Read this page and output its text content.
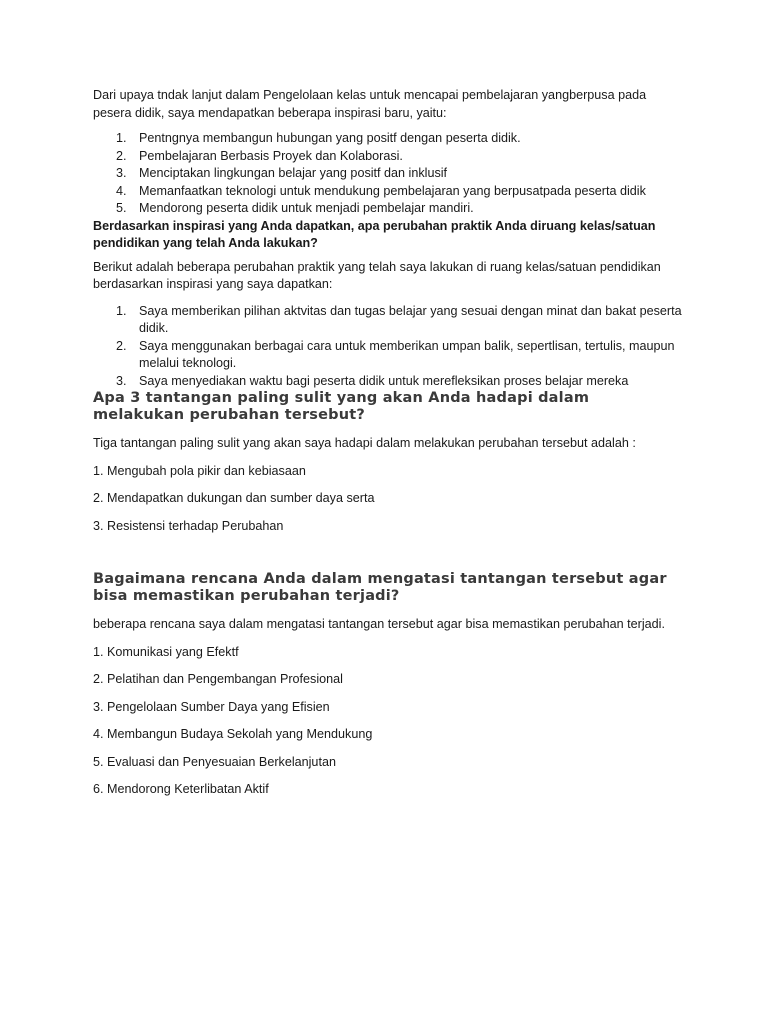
Dari upaya tndak lanjut dalam Pengelolaan kelas untuk mencapai pembelajaran yangberpusa pada pesera didik, saya mendapatkan beberapa inspirasi baru, yaitu:

1. Pentngnya membangun hubungan yang positf dengan peserta didik.
2. Pembelajaran Berbasis Proyek dan Kolaborasi.
3. Menciptakan lingkungan belajar yang positf dan inklusif
4. Memanfaatkan teknologi untuk mendukung pembelajaran yang berpusatpada peserta didik
5. Mendorong peserta didik untuk menjadi pembelajar mandiri.

Berdasarkan inspirasi yang Anda dapatkan, apa perubahan praktik Anda diruang kelas/satuan pendidikan yang telah Anda lakukan?

Berikut adalah beberapa perubahan praktik yang telah saya lakukan di ruang kelas/satuan pendidikan berdasarkan inspirasi yang saya dapatkan:

1. Saya memberikan pilihan aktvitas dan tugas belajar yang sesuai dengan minat dan bakat peserta didik.
2. Saya menggunakan berbagai cara untuk memberikan umpan balik, sepertlisan, tertulis, maupun melalui teknologi.
3. Saya menyediakan waktu bagi peserta didik untuk merefleksikan proses belajar mereka
Apa 3 tantangan paling sulit yang akan Anda hadapi dalam melakukan perubahan tersebut?

Tiga tantangan paling sulit yang akan saya hadapi dalam melakukan perubahan tersebut adalah :

1. Mengubah pola pikir dan kebiasaan

2. Mendapatkan dukungan dan sumber daya serta

3. Resistensi terhadap Perubahan

Bagaimana rencana Anda dalam mengatasi tantangan tersebut agar bisa memastikan perubahan terjadi?

beberapa rencana saya dalam mengatasi tantangan tersebut agar bisa memastikan perubahan terjadi.

1. Komunikasi yang Efektf

2. Pelatihan dan Pengembangan Profesional

3. Pengelolaan Sumber Daya yang Efisien

4. Membangun Budaya Sekolah yang Mendukung

5. Evaluasi dan Penyesuaian Berkelanjutan

6. Mendorong Keterlibatan Aktif
